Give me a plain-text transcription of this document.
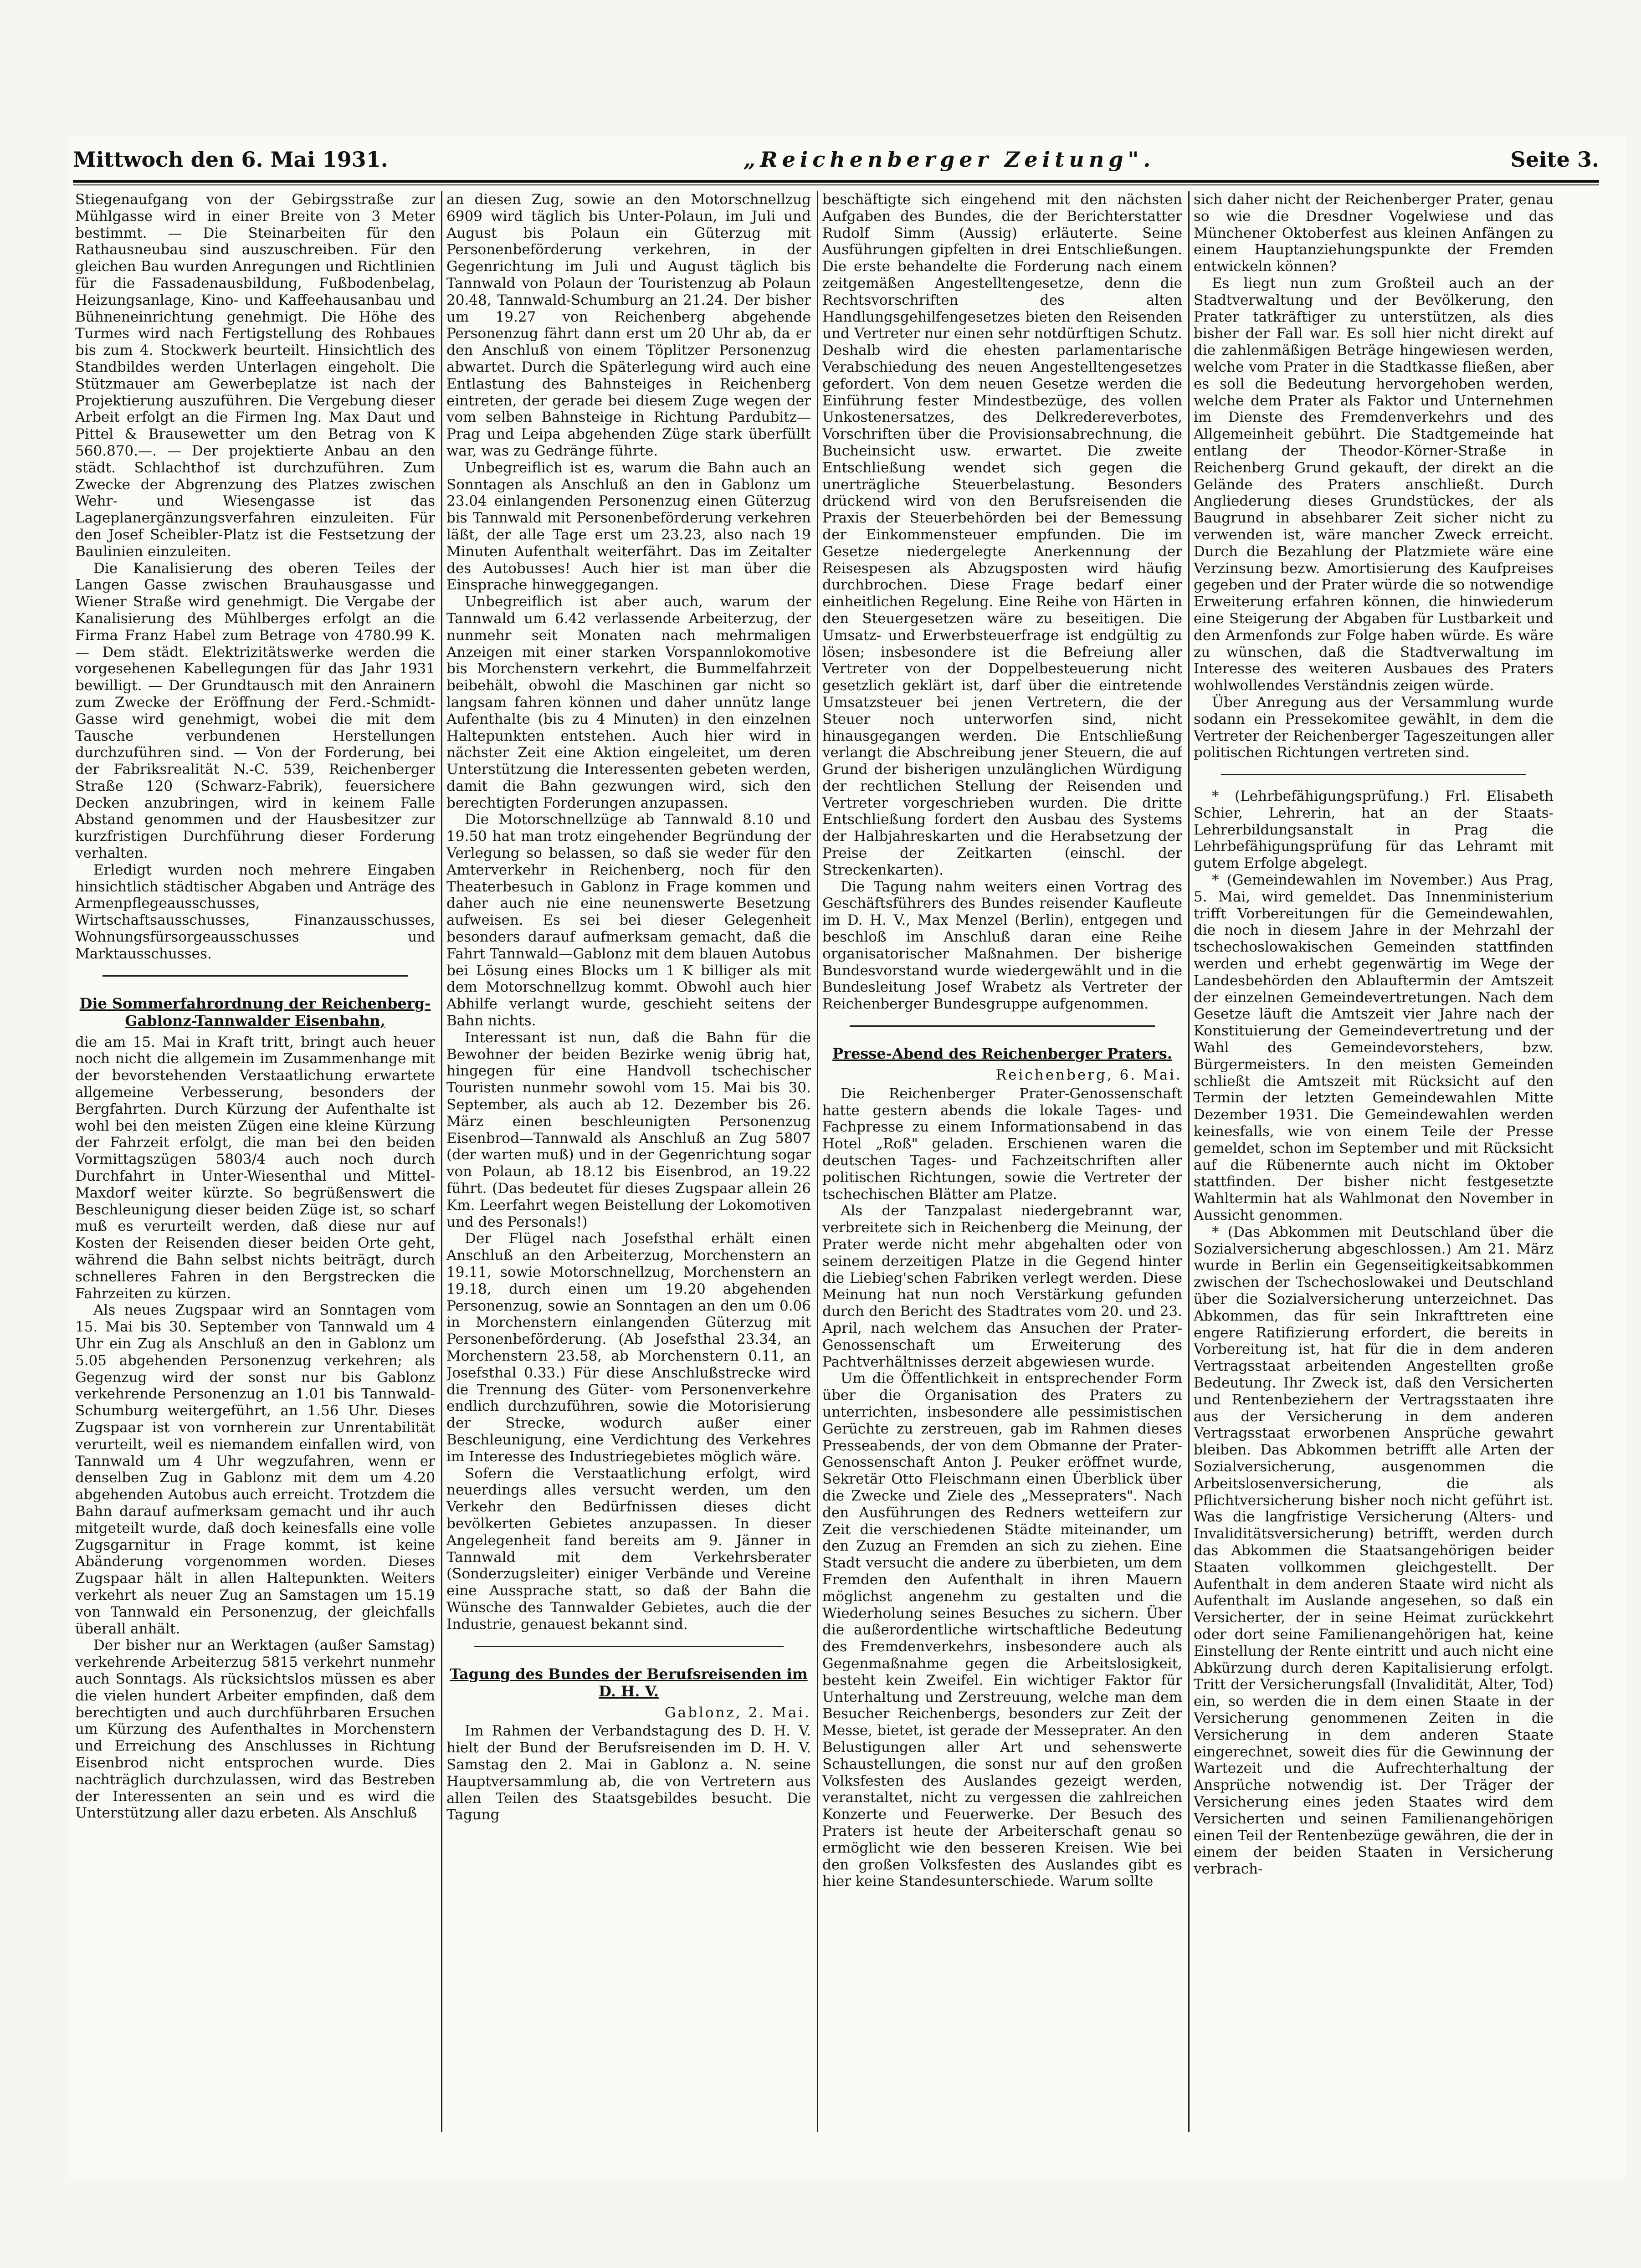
Mittwoch den 6. Mai 1931.	„Reichenberger Zeitung".	Seite 3.

Stiegenaufgang von der Gebirgsstraße zur Mühlgasse wird in einer Breite von 3 Meter bestimmt. — Die Steinarbeiten für den Rathausneubau sind auszuschreiben. Für den gleichen Bau wurden Anregungen und Richtlinien für die Fassadenausbildung, Fußbodenbelag, Heizungsanlage, Kino- und Kaffeehausanbau und Bühneneinrichtung genehmigt. Die Höhe des Turmes wird nach Fertigstellung des Rohbaues bis zum 4. Stockwerk beurteilt. Hinsichtlich des Standbildes werden Unterlagen eingeholt. Die Stützmauer am Gewerbeplatze ist nach der Projektierung auszuführen. Die Vergebung dieser Arbeit erfolgt an die Firmen Ing. Max Daut und Pittel & Brausewetter um den Betrag von K 560.870.—. — Der projektierte Anbau an den städt. Schlachthof ist durchzuführen. Zum Zwecke der Abgrenzung des Platzes zwischen Wehr- und Wiesengasse ist das Lageplanergänzungsverfahren einzuleiten. Für den Josef Scheibler-Platz ist die Festsetzung der Baulinien einzuleiten.

Die Kanalisierung des oberen Teiles der Langen Gasse zwischen Brauhausgasse und Wiener Straße wird genehmigt. Die Vergabe der Kanalisierung des Mühlberges erfolgt an die Firma Franz Habel zum Betrage von 4780.99 K. — Dem städt. Elektrizitätswerke werden die vorgesehenen Kabellegungen für das Jahr 1931 bewilligt. — Der Grundtausch mit den Anrainern zum Zwecke der Eröffnung der Ferd.-Schmidt-Gasse wird genehmigt, wobei die mit dem Tausche verbundenen Herstellungen durchzuführen sind. — Von der Forderung, bei der Fabriksrealität N.-C. 539, Reichenberger Straße 120 (Schwarz-Fabrik), feuersichere Decken anzubringen, wird in keinem Falle Abstand genommen und der Hausbesitzer zur kurzfristigen Durchführung dieser Forderung verhalten.

Erledigt wurden noch mehrere Eingaben hinsichtlich städtischer Abgaben und Anträge des Armenpflegeausschusses, Wirtschaftsausschusses, Finanzausschusses, Wohnungsfürsorgeausschusses und Marktausschusses.

Die Sommerfahrordnung der Reichenberg-Gablonz-Tannwalder Eisenbahn,

die am 15. Mai in Kraft tritt, bringt auch heuer noch nicht die allgemein im Zusammenhange mit der bevorstehenden Verstaatlichung erwartete allgemeine Verbesserung, besonders der Bergfahrten. Durch Kürzung der Aufenthalte ist wohl bei den meisten Zügen eine kleine Kürzung der Fahrzeit erfolgt, die man bei den beiden Vormittagszügen 5803/4 auch noch durch Durchfahrt in Unter-Wiesenthal und Mittel-Maxdorf weiter kürzte. So begrüßenswert die Beschleunigung dieser beiden Züge ist, so scharf muß es verurteilt werden, daß diese nur auf Kosten der Reisenden dieser beiden Orte geht, während die Bahn selbst nichts beiträgt, durch schnelleres Fahren in den Bergstrecken die Fahrzeiten zu kürzen.

Als neues Zugspaar wird an Sonntagen vom 15. Mai bis 30. September von Tannwald um 4 Uhr ein Zug als Anschluß an den in Gablonz um 5.05 abgehenden Personenzug verkehren; als Gegenzug wird der sonst nur bis Gablonz verkehrende Personenzug an 1.01 bis Tannwald-Schumburg weitergeführt, an 1.56 Uhr. Dieses Zugspaar ist von vornherein zur Unrentabilität verurteilt, weil es niemandem einfallen wird, von Tannwald um 4 Uhr wegzufahren, wenn er denselben Zug in Gablonz mit dem um 4.20 abgehenden Autobus auch erreicht. Trotzdem die Bahn darauf aufmerksam gemacht und ihr auch mitgeteilt wurde, daß doch keinesfalls eine volle Zugsgarnitur in Frage kommt, ist keine Abänderung vorgenommen worden. Dieses Zugspaar hält in allen Haltepunkten. Weiters verkehrt als neuer Zug an Samstagen um 15.19 von Tannwald ein Personenzug, der gleichfalls überall anhält.

Der bisher nur an Werktagen (außer Samstag) verkehrende Arbeiterzug 5815 verkehrt nunmehr auch Sonntags. Als rücksichtslos müssen es aber die vielen hundert Arbeiter empfinden, daß dem berechtigten und auch durchführbaren Ersuchen um Kürzung des Aufenthaltes in Morchenstern und Erreichung des Anschlusses in Richtung Eisenbrod nicht entsprochen wurde. Dies nachträglich durchzulassen, wird das Bestreben der Interessenten an sein und es wird die Unterstützung aller dazu erbeten. Als Anschluß

an diesen Zug, sowie an den Motorschnellzug 6909 wird täglich bis Unter-Polaun, im Juli und August bis Polaun ein Güterzug mit Personenbeförderung verkehren, in der Gegenrichtung im Juli und August täglich bis Tannwald von Polaun der Touristenzug ab Polaun 20.48, Tannwald-Schumburg an 21.24. Der bisher um 19.27 von Reichenberg abgehende Personenzug fährt dann erst um 20 Uhr ab, da er den Anschluß von einem Töplitzer Personenzug abwartet. Durch die Späterlegung wird auch eine Entlastung des Bahnsteiges in Reichenberg eintreten, der gerade bei diesem Zuge wegen der vom selben Bahnsteige in Richtung Pardubitz—Prag und Leipa abgehenden Züge stark überfüllt war, was zu Gedränge führte.

Unbegreiflich ist es, warum die Bahn auch an Sonntagen als Anschluß an den in Gablonz um 23.04 einlangenden Personenzug einen Güterzug bis Tannwald mit Personenbeförderung verkehren läßt, der alle Tage erst um 23.23, also nach 19 Minuten Aufenthalt weiterfährt. Das im Zeitalter des Autobusses! Auch hier ist man über die Einsprache hinweggegangen.

Unbegreiflich ist aber auch, warum der Tannwald um 6.42 verlassende Arbeiterzug, der nunmehr seit Monaten nach mehrmaligen Anzeigen mit einer starken Vorspannlokomotive bis Morchenstern verkehrt, die Bummelfahrzeit beibehält, obwohl die Maschinen gar nicht so langsam fahren können und daher unnütz lange Aufenthalte (bis zu 4 Minuten) in den einzelnen Haltepunkten entstehen. Auch hier wird in nächster Zeit eine Aktion eingeleitet, um deren Unterstützung die Interessenten gebeten werden, damit die Bahn gezwungen wird, sich den berechtigten Forderungen anzupassen.

Die Motorschnellzüge ab Tannwald 8.10 und 19.50 hat man trotz eingehender Begründung der Verlegung so belassen, so daß sie weder für den Amterverkehr in Reichenberg, noch für den Theaterbesuch in Gablonz in Frage kommen und daher auch nie eine neunenswerte Besetzung aufweisen. Es sei bei dieser Gelegenheit besonders darauf aufmerksam gemacht, daß die Fahrt Tannwald—Gablonz mit dem blauen Autobus bei Lösung eines Blocks um 1 K billiger als mit dem Motorschnellzug kommt. Obwohl auch hier Abhilfe verlangt wurde, geschieht seitens der Bahn nichts.

Interessant ist nun, daß die Bahn für die Bewohner der beiden Bezirke wenig übrig hat, hingegen für eine Handvoll tschechischer Touristen nunmehr sowohl vom 15. Mai bis 30. September, als auch ab 12. Dezember bis 26. März einen beschleunigten Personenzug Eisenbrod—Tannwald als Anschluß an Zug 5807 (der warten muß) und in der Gegenrichtung sogar von Polaun, ab 18.12 bis Eisenbrod, an 19.22 führt. (Das bedeutet für dieses Zugspaar allein 26 Km. Leerfahrt wegen Beistellung der Lokomotiven und des Personals!)

Der Flügel nach Josefsthal erhält einen Anschluß an den Arbeiterzug, Morchenstern an 19.11, sowie Motorschnellzug, Morchenstern an 19.18, durch einen um 19.20 abgehenden Personenzug, sowie an Sonntagen an den um 0.06 in Morchenstern einlangenden Güterzug mit Personenbeförderung. (Ab Josefsthal 23.34, an Morchenstern 23.58, ab Morchenstern 0.11, an Josefsthal 0.33.) Für diese Anschlußstrecke wird die Trennung des Güter- vom Personenverkehre endlich durchzuführen, sowie die Motorisierung der Strecke, wodurch außer einer Beschleunigung, eine Verdichtung des Verkehres im Interesse des Industriegebietes möglich wäre.

Sofern die Verstaatlichung erfolgt, wird neuerdings alles versucht werden, um den Verkehr den Bedürfnissen dieses dicht bevölkerten Gebietes anzupassen. In dieser Angelegenheit fand bereits am 9. Jänner in Tannwald mit dem Verkehrsberater (Sonderzugsleiter) einiger Verbände und Vereine eine Aussprache statt, so daß der Bahn die Wünsche des Tannwalder Gebietes, auch die der Industrie, genauest bekannt sind.

Tagung des Bundes der Berufsreisenden im D. H. V.
Gablonz, 2. Mai.

Im Rahmen der Verbandstagung des D. H. V. hielt der Bund der Berufsreisenden im D. H. V. Samstag den 2. Mai in Gablonz a. N. seine Hauptversammlung ab, die von Vertretern aus allen Teilen des Staatsgebildes besucht. Die Tagung

beschäftigte sich eingehend mit den nächsten Aufgaben des Bundes, die der Berichterstatter Rudolf Simm (Aussig) erläuterte. Seine Ausführungen gipfelten in drei Entschließungen. Die erste behandelte die Forderung nach einem zeitgemäßen Angestelltengesetze, denn die Rechtsvorschriften des alten Handlungsgehilfengesetzes bieten den Reisenden und Vertreter nur einen sehr notdürftigen Schutz. Deshalb wird die ehesten parlamentarische Verabschiedung des neuen Angestelltengesetzes gefordert. Von dem neuen Gesetze werden die Einführung fester Mindestbezüge, des vollen Unkostenersatzes, des Delkredereverbotes, Vorschriften über die Provisionsabrechnung, die Bucheinsicht usw. erwartet. Die zweite Entschließung wendet sich gegen die unerträgliche Steuerbelastung. Besonders drückend wird von den Berufsreisenden die Praxis der Steuerbehörden bei der Bemessung der Einkommensteuer empfunden. Die im Gesetze niedergelegte Anerkennung der Reisespesen als Abzugsposten wird häufig durchbrochen. Diese Frage bedarf einer einheitlichen Regelung. Eine Reihe von Härten in den Steuergesetzen wäre zu beseitigen. Die Umsatz- und Erwerbsteuerfrage ist endgültig zu lösen; insbesondere ist die Befreiung aller Vertreter von der Doppelbesteuerung nicht gesetzlich geklärt ist, darf über die eintretende Umsatzsteuer bei jenen Vertretern, die der Steuer noch unterworfen sind, nicht hinausgegangen werden. Die Entschließung verlangt die Abschreibung jener Steuern, die auf Grund der bisherigen unzulänglichen Würdigung der rechtlichen Stellung der Reisenden und Vertreter vorgeschrieben wurden. Die dritte Entschließung fordert den Ausbau des Systems der Halbjahreskarten und die Herabsetzung der Preise der Zeitkarten (einschl. der Streckenkarten).

Die Tagung nahm weiters einen Vortrag des Geschäftsführers des Bundes reisender Kaufleute im D. H. V., Max Menzel (Berlin), entgegen und beschloß im Anschluß daran eine Reihe organisatorischer Maßnahmen. Der bisherige Bundesvorstand wurde wiedergewählt und in die Bundesleitung Josef Wrabetz als Vertreter der Reichenberger Bundesgruppe aufgenommen.

Presse-Abend des Reichenberger Praters.
Reichenberg, 6. Mai.

Die Reichenberger Prater-Genossenschaft hatte gestern abends die lokale Tages- und Fachpresse zu einem Informationsabend in das Hotel „Roß" geladen. Erschienen waren die deutschen Tages- und Fachzeitschriften aller politischen Richtungen, sowie die Vertreter der tschechischen Blätter am Platze.

Als der Tanzpalast niedergebrannt war, verbreitete sich in Reichenberg die Meinung, der Prater werde nicht mehr abgehalten oder von seinem derzeitigen Platze in die Gegend hinter die Liebieg'schen Fabriken verlegt werden. Diese Meinung hat nun noch Verstärkung gefunden durch den Bericht des Stadtrates vom 20. und 23. April, nach welchem das Ansuchen der Prater-Genossenschaft um Erweiterung des Pachtverhältnisses derzeit abgewiesen wurde.

Um die Öffentlichkeit in entsprechender Form über die Organisation des Praters zu unterrichten, insbesondere alle pessimistischen Gerüchte zu zerstreuen, gab im Rahmen dieses Presseabends, der von dem Obmanne der Prater-Genossenschaft Anton J. Peuker eröffnet wurde, Sekretär Otto Fleischmann einen Überblick über die Zwecke und Ziele des „Messepraters". Nach den Ausführungen des Redners wetteifern zur Zeit die verschiedenen Städte miteinander, um den Zuzug an Fremden an sich zu ziehen. Eine Stadt versucht die andere zu überbieten, um dem Fremden den Aufenthalt in ihren Mauern möglichst angenehm zu gestalten und die Wiederholung seines Besuches zu sichern. Über die außerordentliche wirtschaftliche Bedeutung des Fremdenverkehrs, insbesondere auch als Gegenmaßnahme gegen die Arbeitslosigkeit, besteht kein Zweifel. Ein wichtiger Faktor für Unterhaltung und Zerstreuung, welche man dem Besucher Reichenbergs, besonders zur Zeit der Messe, bietet, ist gerade der Messeprater. An den Belustigungen aller Art und sehenswerte Schaustellungen, die sonst nur auf den großen Volksfesten des Auslandes gezeigt werden, veranstaltet, nicht zu vergessen die zahlreichen Konzerte und Feuerwerke. Der Besuch des Praters ist heute der Arbeiterschaft genau so ermöglicht wie den besseren Kreisen. Wie bei den großen Volksfesten des Auslandes gibt es hier keine Standesunterschiede. Warum sollte

sich daher nicht der Reichenberger Prater, genau so wie die Dresdner Vogelwiese und das Münchener Oktoberfest aus kleinen Anfängen zu einem Hauptanziehungspunkte der Fremden entwickeln können?

Es liegt nun zum Großteil auch an der Stadtverwaltung und der Bevölkerung, den Prater tatkräftiger zu unterstützen, als dies bisher der Fall war. Es soll hier nicht direkt auf die zahlenmäßigen Beträge hingewiesen werden, welche vom Prater in die Stadtkasse fließen, aber es soll die Bedeutung hervorgehoben werden, welche dem Prater als Faktor und Unternehmen im Dienste des Fremdenverkehrs und des Allgemeinheit gebührt. Die Stadtgemeinde hat entlang der Theodor-Körner-Straße in Reichenberg Grund gekauft, der direkt an die Gelände des Praters anschließt. Durch Angliederung dieses Grundstückes, der als Baugrund in absehbarer Zeit sicher nicht zu verwenden ist, wäre mancher Zweck erreicht. Durch die Bezahlung der Platzmiete wäre eine Verzinsung bezw. Amortisierung des Kaufpreises gegeben und der Prater würde die so notwendige Erweiterung erfahren können, die hinwiederum eine Steigerung der Abgaben für Lustbarkeit und den Armenfonds zur Folge haben würde. Es wäre zu wünschen, daß die Stadtverwaltung im Interesse des weiteren Ausbaues des Praters wohlwollendes Verständnis zeigen würde.

Über Anregung aus der Versammlung wurde sodann ein Pressekomitee gewählt, in dem die Vertreter der Reichenberger Tageszeitungen aller politischen Richtungen vertreten sind.

* (Lehrbefähigungsprüfung.) Frl. Elisabeth Schier, Lehrerin, hat an der Staats-Lehrerbildungsanstalt in Prag die Lehrbefähigungsprüfung für das Lehramt mit gutem Erfolge abgelegt.

* (Gemeindewahlen im November.) Aus Prag, 5. Mai, wird gemeldet. Das Innenministerium trifft Vorbereitungen für die Gemeindewahlen, die noch in diesem Jahre in der Mehrzahl der tschechoslowakischen Gemeinden stattfinden werden und erhebt gegenwärtig im Wege der Landesbehörden den Ablauftermin der Amtszeit der einzelnen Gemeindevertretungen. Nach dem Gesetze läuft die Amtszeit vier Jahre nach der Konstituierung der Gemeindevertretung und der Wahl des Gemeindevorstehers, bzw. Bürgermeisters. In den meisten Gemeinden schließt die Amtszeit mit Rücksicht auf den Termin der letzten Gemeindewahlen Mitte Dezember 1931. Die Gemeindewahlen werden keinesfalls, wie von einem Teile der Presse gemeldet, schon im September und mit Rücksicht auf die Rübenernte auch nicht im Oktober stattfinden. Der bisher nicht festgesetzte Wahltermin hat als Wahlmonat den November in Aussicht genommen.

* (Das Abkommen mit Deutschland über die Sozialversicherung abgeschlossen.) Am 21. März wurde in Berlin ein Gegenseitigkeitsabkommen zwischen der Tschechoslowakei und Deutschland über die Sozialversicherung unterzeichnet. Das Abkommen, das für sein Inkrafttreten eine engere Ratifizierung erfordert, die bereits in Vorbereitung ist, hat für die in dem anderen Vertragsstaat arbeitenden Angestellten große Bedeutung. Ihr Zweck ist, daß den Versicherten und Rentenbeziehern der Vertragsstaaten ihre aus der Versicherung in dem anderen Vertragsstaat erworbenen Ansprüche gewahrt bleiben. Das Abkommen betrifft alle Arten der Sozialversicherung, ausgenommen die Arbeitslosenversicherung, die als Pflichtversicherung bisher noch nicht geführt ist. Was die langfristige Versicherung (Alters- und Invaliditätsversicherung) betrifft, werden durch das Abkommen die Staatsangehörigen beider Staaten vollkommen gleichgestellt. Der Aufenthalt in dem anderen Staate wird nicht als Aufenthalt im Auslande angesehen, so daß ein Versicherter, der in seine Heimat zurückkehrt oder dort seine Familienangehörigen hat, keine Einstellung der Rente eintritt und auch nicht eine Abkürzung durch deren Kapitalisierung erfolgt. Tritt der Versicherungsfall (Invalidität, Alter, Tod) ein, so werden die in dem einen Staate in der Versicherung genommenen Zeiten in die Versicherung in dem anderen Staate eingerechnet, soweit dies für die Gewinnung der Wartezeit und die Aufrechterhaltung der Ansprüche notwendig ist. Der Träger der Versicherung eines jeden Staates wird dem Versicherten und seinen Familienangehörigen einen Teil der Rentenbezüge gewähren, die der in einem der beiden Staaten in Versicherung verbrach-
